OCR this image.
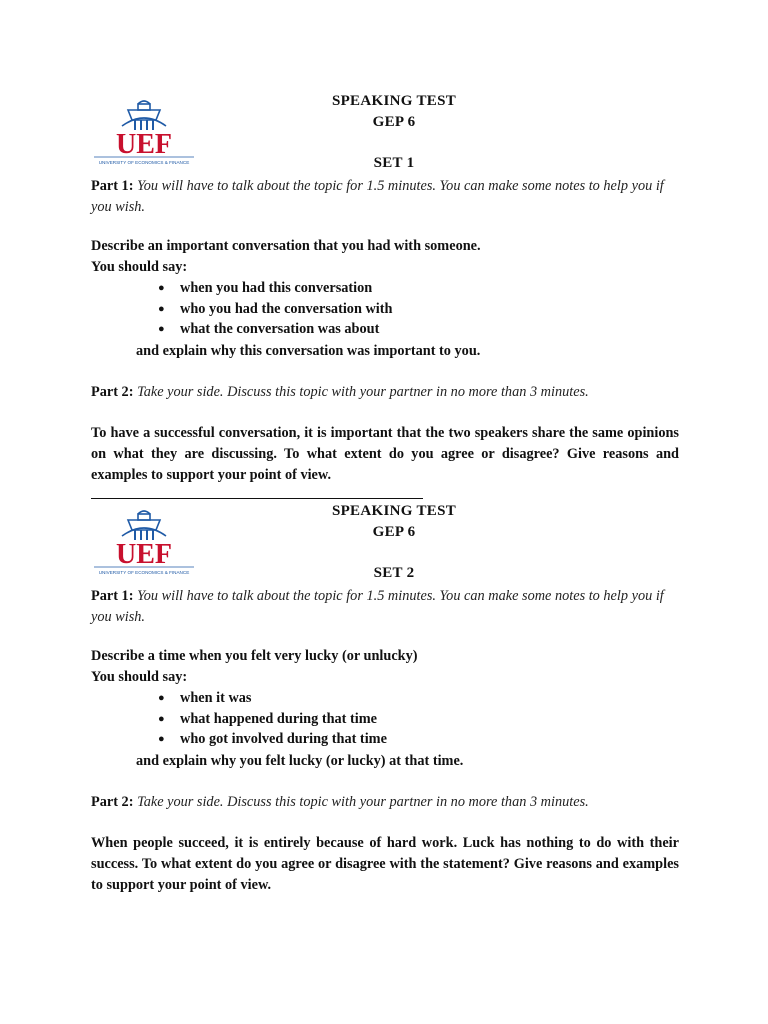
UEF
UNIVERSITY OF ECONOMICS & FINANCE
SPEAKING TEST
GEP 6
SET 1
Part 1: You will have to talk about the topic for 1.5 minutes. You can make some notes to help you if you wish.
Describe an important conversation that you had with someone.
You should say:
● when you had this conversation
● who you had the conversation with
● what the conversation was about
and explain why this conversation was important to you.
Part 2: Take your side. Discuss this topic with your partner in no more than 3 minutes.
To have a successful conversation, it is important that the two speakers share the same opinions on what they are discussing. To what extent do you agree or disagree? Give reasons and examples to support your point of view.
UEF
UNIVERSITY OF ECONOMICS & FINANCE
SPEAKING TEST
GEP 6
SET 2
Part 1: You will have to talk about the topic for 1.5 minutes. You can make some notes to help you if you wish.
Describe a time when you felt very lucky (or unlucky)
You should say:
● when it was
● what happened during that time
● who got involved during that time
and explain why you felt lucky (or lucky) at that time.
Part 2: Take your side. Discuss this topic with your partner in no more than 3 minutes.
When people succeed, it is entirely because of hard work. Luck has nothing to do with their success. To what extent do you agree or disagree with the statement? Give reasons and examples to support your point of view.
